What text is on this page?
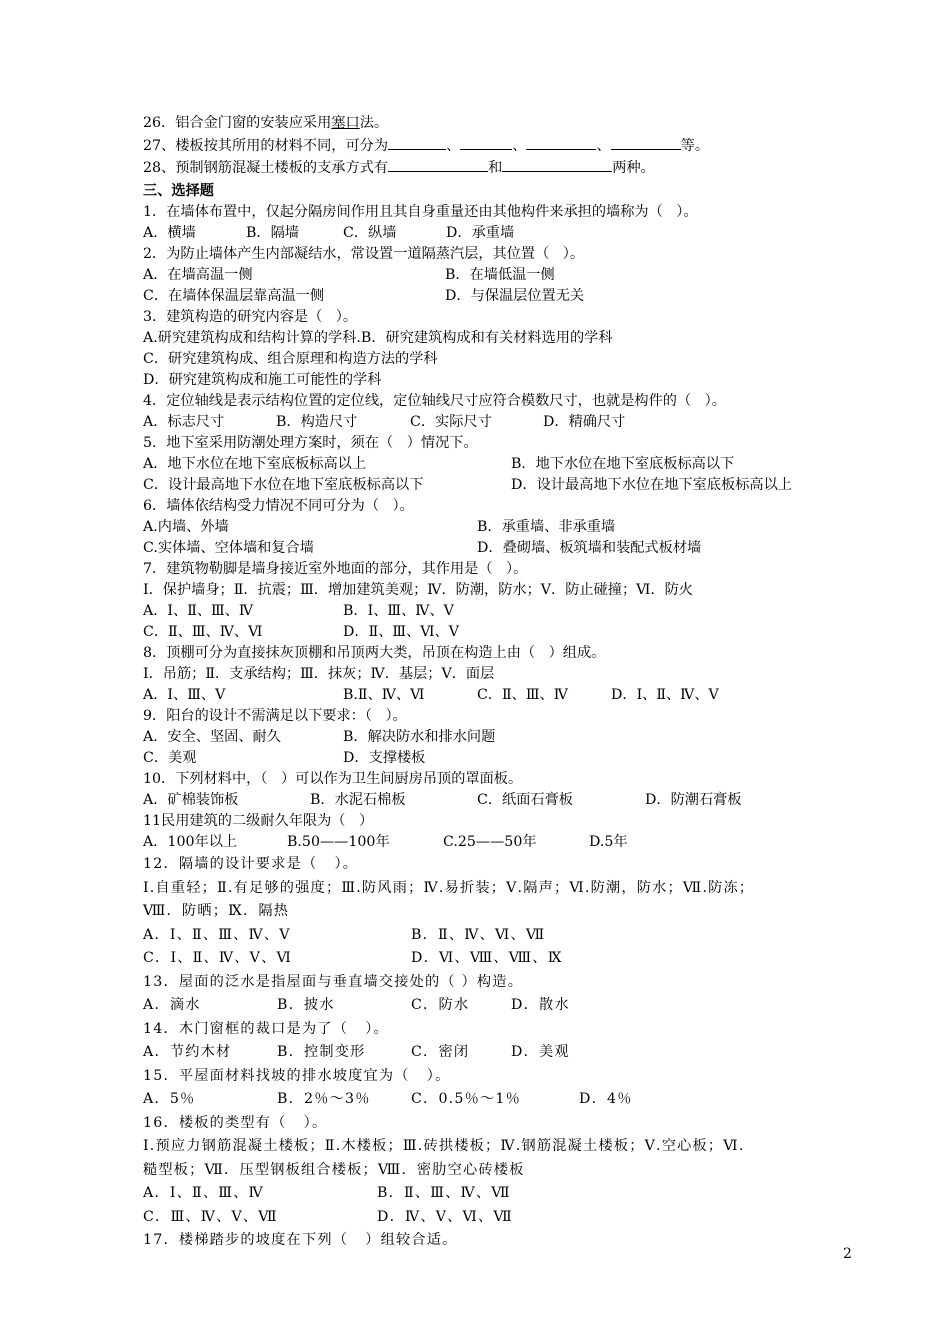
26．铝合金门窗的安装应采用塞口法。
27、楼板按其所用的材料不同，可分为	、	、	、	等。
28、预制钢筋混凝土楼板的支承方式有	和	两种。
三、选择题
1．在墙体布置中，仅起分隔房间作用且其自身重量还由其他构件来承担的墙称为（   ）。

A．横墙

	B．隔墙

	C．纵墙

	D．承重墙

2．为防止墙体产生内部凝结水，常设置一道隔蒸汽层，其位置（   ）。

A．在墙高温一侧

	B．在墙低温一侧

C．在墙体保温层靠高温一侧

	D．与保温层位置无关

3．建筑构造的研究内容是（   ）。
A.研究建筑构成和结构计算的学科.B．研究建筑构成和有关材料选用的学科
C．研究建筑构成、组合原理和构造方法的学科
D．研究建筑构成和施工可能性的学科
4．定位轴线是表示结构位置的定位线，定位轴线尺寸应符合模数尺寸，也就是构件的（   ）。

A．标志尺寸

	B．构造尺寸

	C．实际尺寸

	D．精确尺寸

5．地下室采用防潮处理方案时，须在（   ）情况下。

A．地下水位在地下室底板标高以上

	B．地下水位在地下室底板标高以下

C．设计最高地下水位在地下室底板标高以下

	D．设计最高地下水位在地下室底板标高以上

6．墙体依结构受力情况不同可分为（   ）。

A.内墙、外墙

	B．承重墙、非承重墙

C.实体墙、空体墙和复合墙

	D．叠砌墙、板筑墙和装配式板材墙

7．建筑物勒脚是墙身接近室外地面的部分，其作用是（   ）。
Ⅰ．保护墙身；Ⅱ．抗震；Ⅲ．增加建筑美观；Ⅳ．防潮，防水；Ⅴ．防止碰撞；Ⅵ．防火

A．Ⅰ、Ⅱ、Ⅲ、Ⅳ

	B．Ⅰ、Ⅲ、Ⅳ、Ⅴ

C．Ⅱ、Ⅲ、Ⅳ、Ⅵ

	D．Ⅱ、Ⅲ、Ⅵ、Ⅴ

8．顶棚可分为直接抹灰顶棚和吊顶两大类，吊顶在构造上由（   ）组成。
Ⅰ．吊筋；Ⅱ．支承结构；Ⅲ．抹灰；Ⅳ．基层；Ⅴ．面层

A．Ⅰ、Ⅲ、Ⅴ

	B.Ⅱ、Ⅳ、Ⅵ

	C．Ⅱ、Ⅲ、Ⅳ

	D．Ⅰ、Ⅱ、Ⅳ、Ⅴ

9．阳台的设计不需满足以下要求：（   ）。

A．安全、坚固、耐久

	B．解决防水和排水问题

C．美观

	D．支撑楼板

10．下列材料中，（   ）可以作为卫生间厨房吊顶的罩面板。

A．矿棉装饰板

	B．水泥石棉板

	C．纸面石膏板

	D．防潮石膏板

11民用建筑的二级耐久年限为（   ）

A．100年以上

	B.50——100年

	C.25——50年

	D.5年

12．隔墙的设计要求是（   ）。
Ⅰ.自重轻；Ⅱ.有足够的强度；Ⅲ.防风雨；Ⅳ.易折装；Ⅴ.隔声；Ⅵ.防潮，防水；Ⅶ.防冻；
Ⅷ．防晒；Ⅸ．隔热

A．Ⅰ、Ⅱ、Ⅲ、Ⅳ、Ⅴ

	B．Ⅱ、Ⅳ、Ⅵ、Ⅶ

C．Ⅰ、Ⅱ、Ⅳ、Ⅴ、Ⅵ

	D．Ⅵ、Ⅷ、Ⅷ、Ⅸ

13．屋面的泛水是指屋面与垂直墙交接处的（ ）构造。

A．滴水

	B．披水

	C．防水

	D．散水

14．木门窗框的裁口是为了（   ）。

A．节约木材

	B．控制变形

	C．密闭

	D．美观

15．平屋面材料找坡的排水坡度宜为（   ）。

A．5％

	B．2％～3％

	C．0.5％～1％

	D．4％

16．楼板的类型有（   ）。
Ⅰ.预应力钢筋混凝土楼板；Ⅱ.木楼板；Ⅲ.砖拱楼板；Ⅳ.钢筋混凝土楼板；Ⅴ.空心板；Ⅵ.
糙型板；Ⅶ．压型钢板组合楼板；Ⅷ．密肋空心砖楼板

A．Ⅰ、Ⅱ、Ⅲ、Ⅳ

	B．Ⅱ、Ⅲ、Ⅳ、Ⅶ

C．Ⅲ、Ⅳ、Ⅴ、Ⅶ

	D．Ⅳ、Ⅴ、Ⅵ、Ⅶ

17．楼梯踏步的坡度在下列（   ）组较合适。
2
